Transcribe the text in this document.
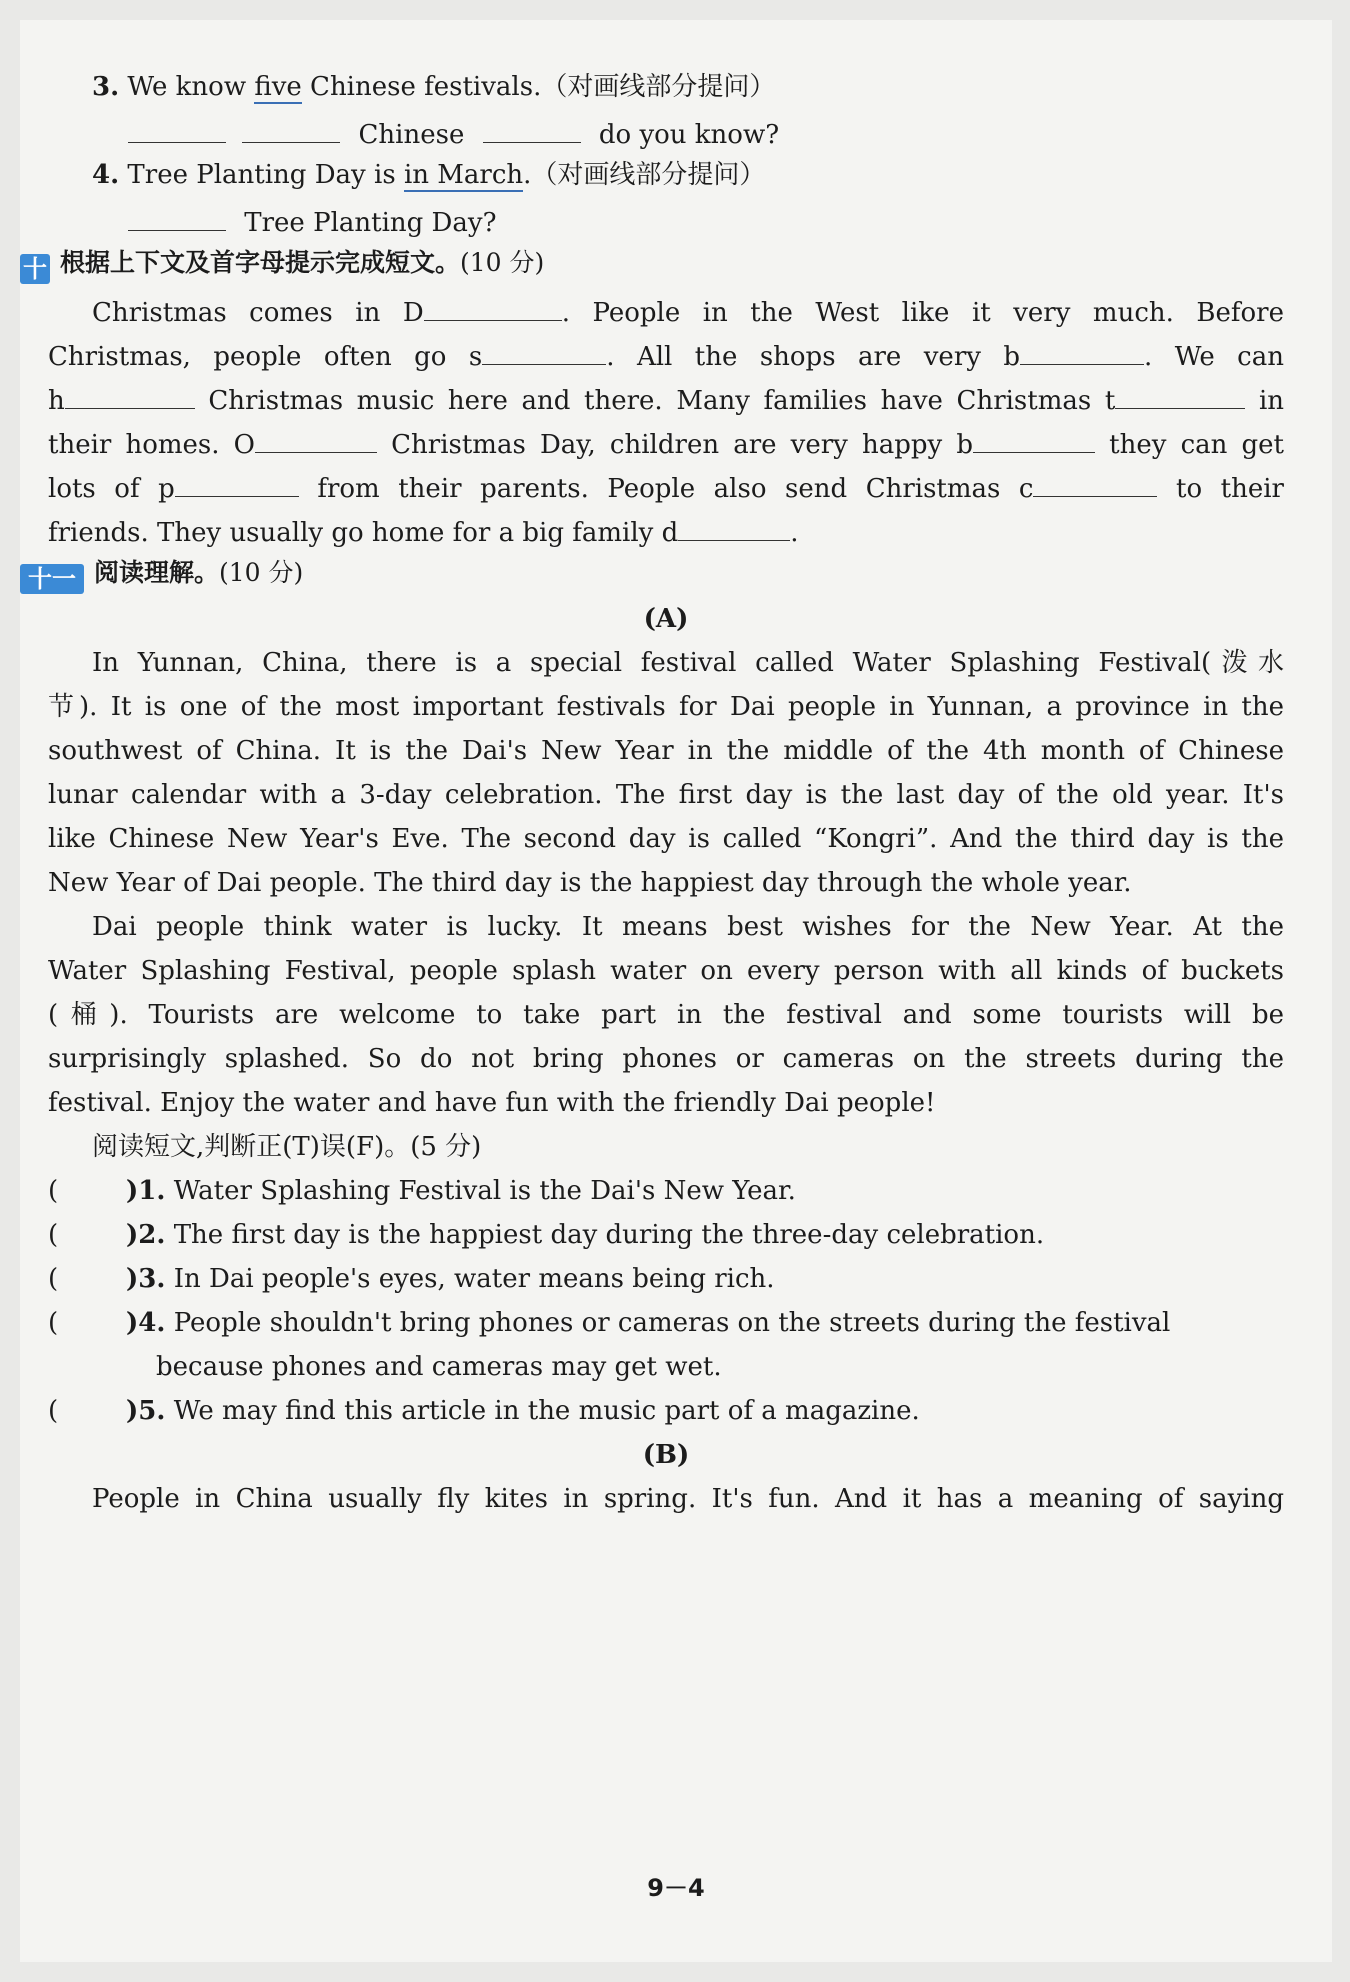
3. We know five Chinese festivals.（对画线部分提问）
Chinese	do you know?
4. Tree Planting Day is in March.（对画线部分提问）
Tree Planting Day?
十 根据上下文及首字母提示完成短文。(10 分)
Christmas comes in D	. People in the West like it very much. Before
Christmas, people often go s	. All the shops are very b	. We can
h	Christmas music here and there. Many families have Christmas t	in
their homes. O	Christmas Day, children are very happy b	they can get
lots of p	from their parents. People also send Christmas c	to their
friends. They usually go home for a big family d	.
十一 阅读理解。(10 分)
(A)
In Yunnan, China, there is a special festival called Water Splashing Festival(泼水
节). It is one of the most important festivals for Dai people in Yunnan, a province in the
southwest of China. It is the Dai's New Year in the middle of the 4th month of Chinese
lunar calendar with a 3-day celebration. The first day is the last day of the old year. It's
like Chinese New Year's Eve. The second day is called “Kongri”. And the third day is the
New Year of Dai people. The third day is the happiest day through the whole year.
Dai people think water is lucky. It means best wishes for the New Year. At the
Water Splashing Festival, people splash water on every person with all kinds of buckets
(桶). Tourists are welcome to take part in the festival and some tourists will be
surprisingly splashed. So do not bring phones or cameras on the streets during the
festival. Enjoy the water and have fun with the friendly Dai people!
阅读短文,判断正(T)误(F)。(5 分)
(	)1. Water Splashing Festival is the Dai's New Year.
(	)2. The first day is the happiest day during the three-day celebration.
(	)3. In Dai people's eyes, water means being rich.
(	)4. People shouldn't bring phones or cameras on the streets during the festival
because phones and cameras may get wet.
(	)5. We may find this article in the music part of a magazine.
(B)
People in China usually fly kites in spring. It's fun. And it has a meaning of saying
9－4
